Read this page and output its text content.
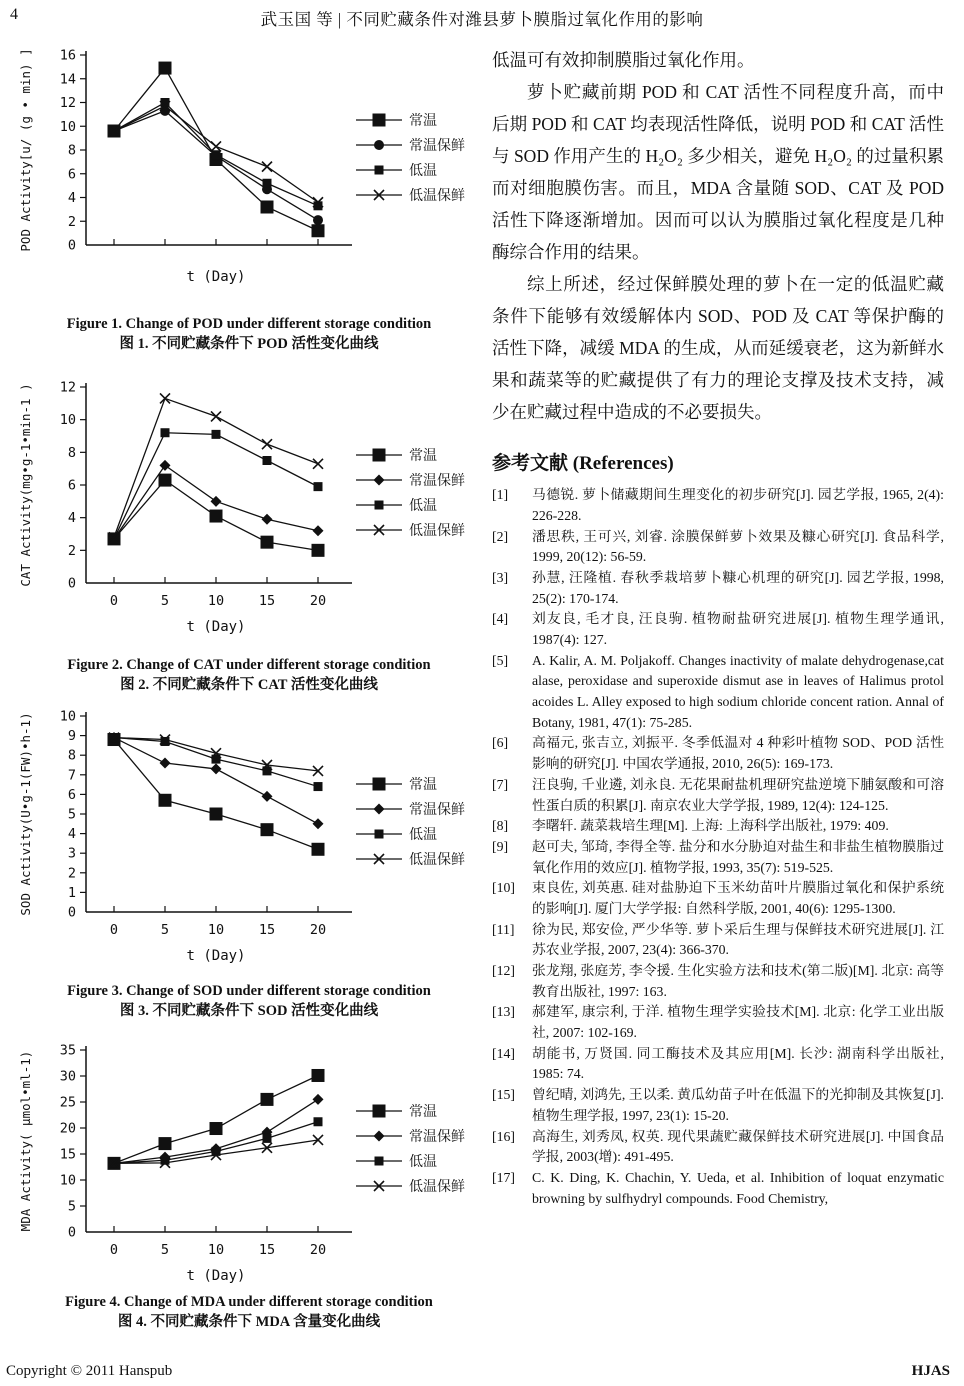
4	武玉国 等 | 不同贮藏条件对潍县萝卜膜脂过氧化作用的影响
0
2
4
6
8
10
12
14
16
t (Day)
POD Activity[u/ (g • min) ]	常温
常温保鲜
低温
低温保鲜
Figure 1. Change of POD under different storage condition
图 1. 不同贮藏条件下 POD 活性变化曲线
0
2
4
6
8
10
12
0	5	10	15	20
t (Day)
CAT Activity(mg•g-1•min-1 )	常温
常温保鲜
低温
低温保鲜
Figure 2. Change of CAT under different storage condition
图 2. 不同贮藏条件下 CAT 活性变化曲线
0
1
2
3
4
5
6
7
8
9
10
0	5	10	15	20
t (Day)
SOD Activity(U•g-1(FW)•h-1)	常温
常温保鲜
低温
低温保鲜
Figure 3. Change of SOD under different storage condition
图 3. 不同贮藏条件下 SOD 活性变化曲线
0
5
10
15
20
25
30
35
0	5	10	15	20
t (Day)
MDA Activity( μmol•ml-1)	常温
常温保鲜
低温
低温保鲜
Figure 4. Change of MDA under different storage condition
图 4. 不同贮藏条件下 MDA 含量变化曲线

低温可有效抑制膜脂过氧化作用。

萝卜贮藏前期 POD 和 CAT 活性不同程度升高，而中后期 POD 和 CAT 均表现活性降低，说明 POD 和 CAT 活性与 SOD 作用产生的 H₂O₂ 多少相关，避免 H₂O₂ 的过量积累而对细胞膜伤害。而且，MDA 含量随 SOD、CAT 及 POD 活性下降逐渐增加。因而可以认为膜脂过氧化程度是几种酶综合作用的结果。

综上所述，经过保鲜膜处理的萝卜在一定的低温贮藏条件下能够有效缓解体内 SOD、POD 及 CAT 等保护酶的活性下降，减缓 MDA 的生成，从而延缓衰老，这为新鲜水果和蔬菜等的贮藏提供了有力的理论支撑及技术支持，减少在贮藏过程中造成的不必要损失。

参考文献 (References)
[1] 马德锐. 萝卜储藏期间生理变化的初步研究[J]. 园艺学报, 1965, 2(4): 226-228.
[2] 潘思秩, 王可兴, 刘睿. 涂膜保鲜萝卜效果及糠心研究[J]. 食品科学, 1999, 20(12): 56-59.
[3] 孙慧, 汪隆植. 春秋季栽培萝卜糠心机理的研究[J]. 园艺学报, 1998, 25(2): 170-174.
[4] 刘友良, 毛才良, 汪良驹. 植物耐盐研究进展[J]. 植物生理学通讯, 1987(4): 127.
[5] A. Kalir, A. M. Poljakoff. Changes inactivity of malate dehydrogenase,cat alase, peroxidase and superoxide dismut ase in leaves of Halimus protol acoides L. Alley exposed to high sodium chloride concent ration. Annal of Botany, 1981, 47(1): 75-285.
[6] 高福元, 张吉立, 刘振平. 冬季低温对 4 种彩叶植物 SOD、POD 活性影响的研究[J]. 中国农学通报, 2010, 26(5): 169-173.
[7] 汪良驹, 千业遴, 刘永良. 无花果耐盐机理研究盐逆境下脯氨酸和可溶性蛋白质的积累[J]. 南京农业大学学报, 1989, 12(4): 124-125.
[8] 李曙轩. 蔬菜栽培生理[M]. 上海: 上海科学出版社, 1979: 409.
[9] 赵可夫, 邹琦, 李得全等. 盐分和水分胁迫对盐生和非盐生植物膜脂过氧化作用的效应[J]. 植物学报, 1993, 35(7): 519-525.
[10] 束良佐, 刘英惠. 硅对盐胁迫下玉米幼苗叶片膜脂过氧化和保护系统的影响[J]. 厦门大学学报: 自然科学版, 2001, 40(6): 1295-1300.
[11] 徐为民, 郑安俭, 严少华等. 萝卜采后生理与保鲜技术研究进展[J]. 江苏农业学报, 2007, 23(4): 366-370.
[12] 张龙翔, 张庭芳, 李令援. 生化实验方法和技术(第二版)[M]. 北京: 高等教育出版社, 1997: 163.
[13] 郝建军, 康宗利, 于洋. 植物生理学实验技术[M]. 北京: 化学工业出版社, 2007: 102-169.
[14] 胡能书, 万贤国. 同工酶技术及其应用[M]. 长沙: 湖南科学出版社, 1985: 74.
[15] 曾纪晴, 刘鸿先, 王以柔. 黄瓜幼苗子叶在低温下的光抑制及其恢复[J]. 植物生理学报, 1997, 23(1): 15-20.
[16] 高海生, 刘秀凤, 权英. 现代果蔬贮藏保鲜技术研究进展[J]. 中国食品学报, 2003(增): 491-495.
[17] C. K. Ding, K. Chachin, Y. Ueda, et al. Inhibition of loquat enzymatic browning by sulfhydryl compounds. Food Chemistry,
Copyright © 2011 Hanspub	HJAS
